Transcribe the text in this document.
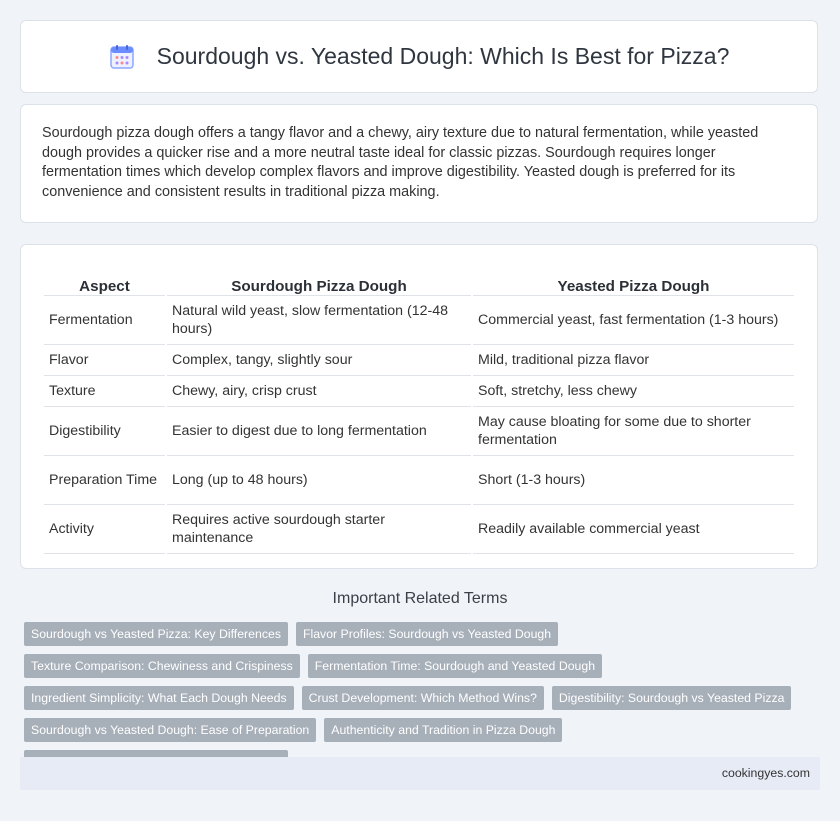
Sourdough vs. Yeasted Dough: Which Is Best for Pizza?

Sourdough pizza dough offers a tangy flavor and a chewy, airy texture due to natural fermentation, while yeasted dough provides a quicker rise and a more neutral taste ideal for classic pizzas. Sourdough requires longer fermentation times which develop complex flavors and improve digestibility. Yeasted dough is preferred for its convenience and consistent results in traditional pizza making.

Aspect	Sourdough Pizza Dough	Yeasted Pizza Dough
Fermentation	Natural wild yeast, slow fermentation (12-48 hours)	Commercial yeast, fast fermentation (1-3 hours)
Flavor	Complex, tangy, slightly sour	Mild, traditional pizza flavor
Texture	Chewy, airy, crisp crust	Soft, stretchy, less chewy
Digestibility	Easier to digest due to long fermentation	May cause bloating for some due to shorter fermentation
Preparation Time	Long (up to 48 hours)	Short (1-3 hours)
Activity	Requires active sourdough starter maintenance	Readily available commercial yeast
Important Related Terms
Sourdough vs Yeasted Pizza: Key Differences	Flavor Profiles: Sourdough vs Yeasted Dough
Texture Comparison: Chewiness and Crispiness	Fermentation Time: Sourdough and Yeasted Dough
Ingredient Simplicity: What Each Dough Needs	Crust Development: Which Method Wins?	Digestibility: Sourdough vs Yeasted Pizza
Sourdough vs Yeasted Dough: Ease of Preparation	Authenticity and Tradition in Pizza Dough
cookingyes.com
